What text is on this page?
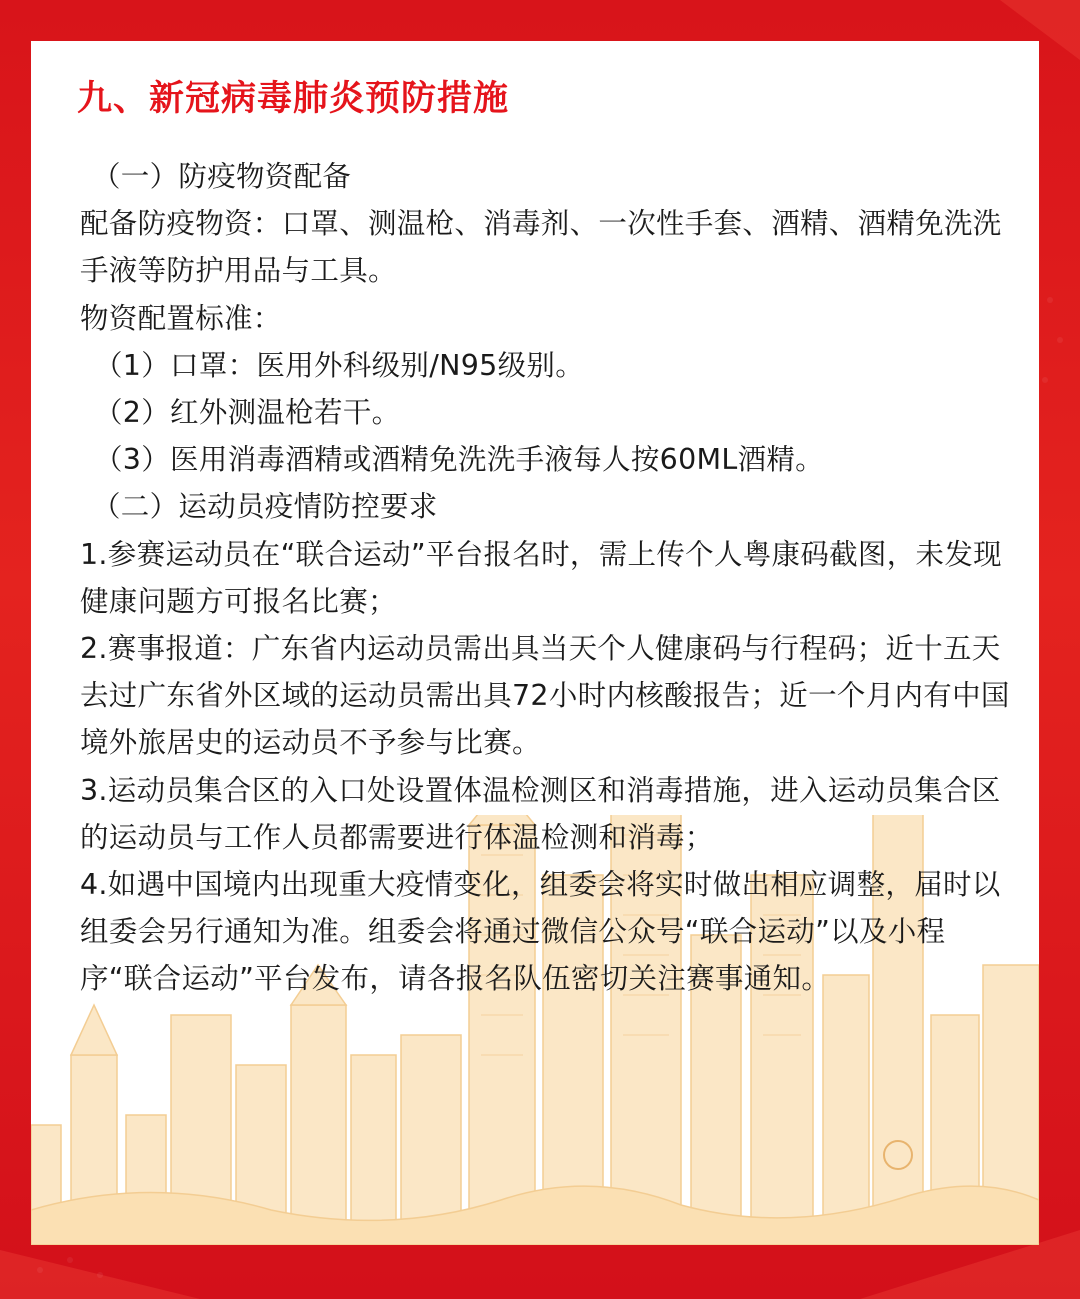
九、新冠病毒肺炎预防措施

（一）防疫物资配备

配备防疫物资：口罩、测温枪、消毒剂、一次性手套、酒精、酒精免洗洗手液等防护用品与工具。

物资配置标准：

（1）口罩：医用外科级别/N95级别。

（2）红外测温枪若干。

（3）医用消毒酒精或酒精免洗洗手液每人按60ML酒精。

（二）运动员疫情防控要求

1.参赛运动员在“联合运动”平台报名时，需上传个人粤康码截图，未发现健康问题方可报名比赛；

2.赛事报道：广东省内运动员需出具当天个人健康码与行程码；近十五天去过广东省外区域的运动员需出具72小时内核酸报告；近一个月内有中国境外旅居史的运动员不予参与比赛。

3.运动员集合区的入口处设置体温检测区和消毒措施，进入运动员集合区的运动员与工作人员都需要进行体温检测和消毒；

4.如遇中国境内出现重大疫情变化，组委会将实时做出相应调整，届时以组委会另行通知为准。组委会将通过微信公众号“联合运动”以及小程序“联合运动”平台发布，请各报名队伍密切关注赛事通知。
